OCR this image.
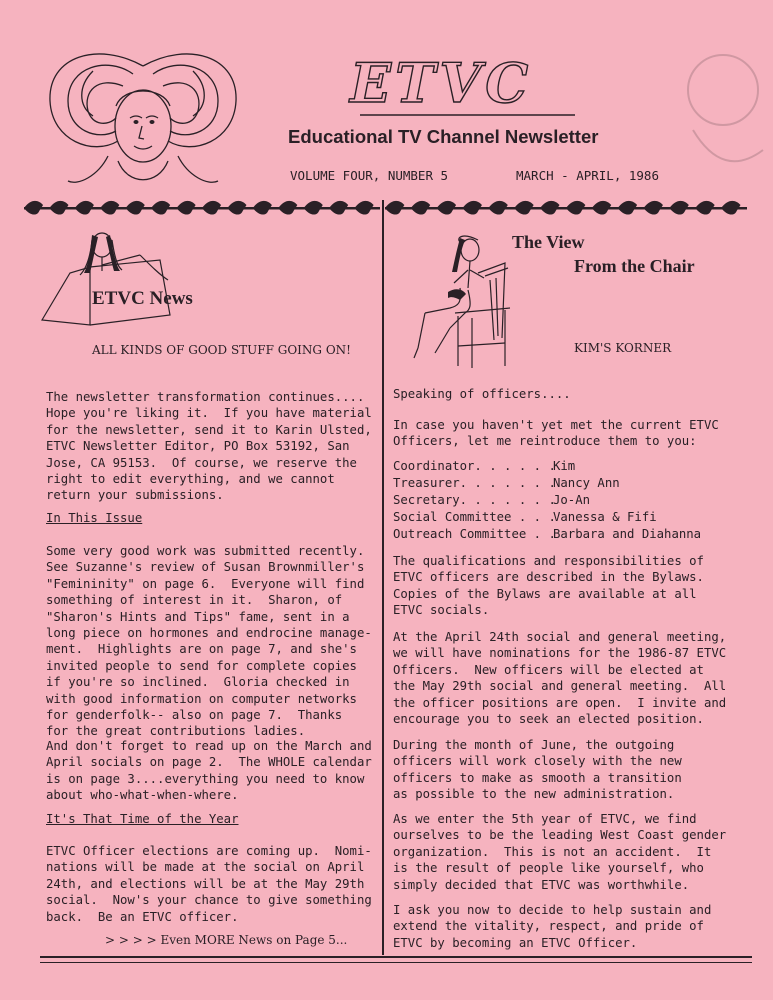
ETVC

Educational TV Channel Newsletter

VOLUME FOUR, NUMBER 5	MARCH - APRIL, 1986

ETVC News

ALL KINDS OF GOOD STUFF GOING ON!

The newsletter transformation continues....
Hope you're liking it.  If you have material
for the newsletter, send it to Karin Ulsted,
ETVC Newsletter Editor, PO Box 53192, San
Jose, CA 95153.  Of course, we reserve the
right to edit everything, and we cannot
return your submissions.

In This Issue

Some very good work was submitted recently.
See Suzanne's review of Susan Brownmiller's
"Femininity" on page 6.  Everyone will find
something of interest in it.  Sharon, of
"Sharon's Hints and Tips" fame, sent in a
long piece on hormones and endrocine manage-
ment.  Highlights are on page 7, and she's
invited people to send for complete copies
if you're so inclined.  Gloria checked in
with good information on computer networks
for genderfolk-- also on page 7.  Thanks
for the great contributions ladies.

And don't forget to read up on the March and
April socials on page 2.  The WHOLE calendar
is on page 3....everything you need to know
about who-what-when-where.

It's That Time of the Year

ETVC Officer elections are coming up.  Nomi-
nations will be made at the social on April
24th, and elections will be at the May 29th
social.  Now's your chance to give something
back.  Be an ETVC officer.

> > > > Even MORE News on Page 5...

The View
From the Chair

KIM'S KORNER

Speaking of officers....

In case you haven't yet met the current ETVC
Officers, let me reintroduce them to you:

Coordinator. . . . . .
Kim
Treasurer. . . . . . .
Nancy Ann
Secretary. . . . . . .
Jo-An
Social Committee . . .
Vanessa & Fifi
Outreach Committee . .
Barbara and Diahanna

The qualifications and responsibilities of
ETVC officers are described in the Bylaws.
Copies of the Bylaws are available at all
ETVC socials.

At the April 24th social and general meeting,
we will have nominations for the 1986-87 ETVC
Officers.  New officers will be elected at
the May 29th social and general meeting.  All
the officer positions are open.  I invite and
encourage you to seek an elected position.

During the month of June, the outgoing
officers will work closely with the new
officers to make as smooth a transition
as possible to the new administration.

As we enter the 5th year of ETVC, we find
ourselves to be the leading West Coast gender
organization.  This is not an accident.  It
is the result of people like yourself, who
simply decided that ETVC was worthwhile.

I ask you now to decide to help sustain and
extend the vitality, respect, and pride of
ETVC by becoming an ETVC Officer.
